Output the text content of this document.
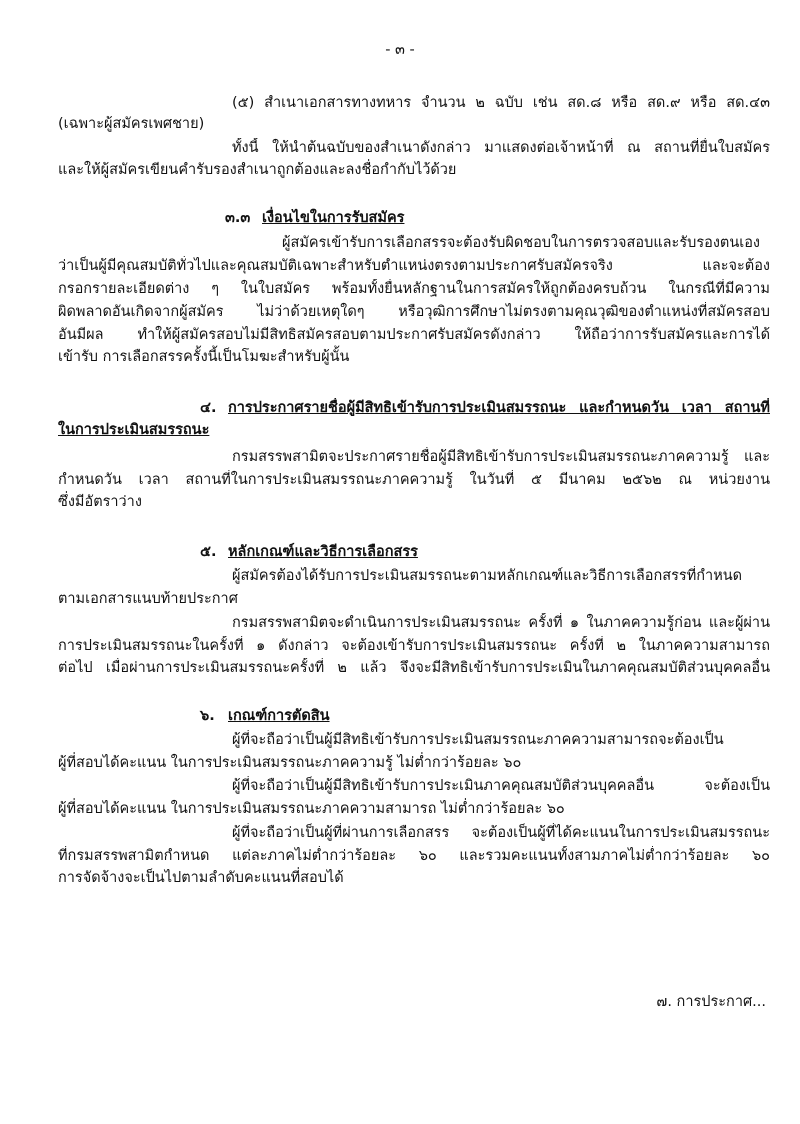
- ๓ -
(๕) สำเนาเอกสารทางทหาร จำนวน ๒ ฉบับ เช่น สด.๘ หรือ สด.๙ หรือ สด.๔๓
(เฉพาะผู้สมัครเพศชาย)
ทั้งนี้ ให้นำต้นฉบับของสำเนาดังกล่าว มาแสดงต่อเจ้าหน้าที่ ณ สถานที่ยื่นใบสมัคร
และให้ผู้สมัครเขียนคำรับรองสำเนาถูกต้องและลงชื่อกำกับไว้ด้วย
๓.๓ เงื่อนไขในการรับสมัคร
ผู้สมัครเข้ารับการเลือกสรรจะต้องรับผิดชอบในการตรวจสอบและรับรองตนเอง
ว่าเป็นผู้มีคุณสมบัติทั่วไปและคุณสมบัติเฉพาะสำหรับตำแหน่งตรงตามประกาศรับสมัครจริง และจะต้อง
กรอกรายละเอียดต่าง ๆ ในใบสมัคร พร้อมทั้งยื่นหลักฐานในการสมัครให้ถูกต้องครบถ้วน ในกรณีที่มีความ
ผิดพลาดอันเกิดจากผู้สมัคร ไม่ว่าด้วยเหตุใดๆ หรือวุฒิการศึกษาไม่ตรงตามคุณวุฒิของตำแหน่งที่สมัครสอบ
อันมีผล ทำให้ผู้สมัครสอบไม่มีสิทธิสมัครสอบตามประกาศรับสมัครดังกล่าว ให้ถือว่าการรับสมัครและการได้
เข้ารับ การเลือกสรรครั้งนี้เป็นโมฆะสำหรับผู้นั้น
๔. การประกาศรายชื่อผู้มีสิทธิเข้ารับการประเมินสมรรถนะ และกำหนดวัน เวลา สถานที่
ในการประเมินสมรรถนะ
กรมสรรพสามิตจะประกาศรายชื่อผู้มีสิทธิเข้ารับการประเมินสมรรถนะภาคความรู้ และ
กำหนดวัน เวลา สถานที่ในการประเมินสมรรถนะภาคความรู้ ในวันที่ ๕ มีนาคม ๒๕๖๒ ณ หน่วยงาน
ซึ่งมีอัตราว่าง
๕. หลักเกณฑ์และวิธีการเลือกสรร
ผู้สมัครต้องได้รับการประเมินสมรรถนะตามหลักเกณฑ์และวิธีการเลือกสรรที่กำหนด
ตามเอกสารแนบท้ายประกาศ
กรมสรรพสามิตจะดำเนินการประเมินสมรรถนะ ครั้งที่ ๑ ในภาคความรู้ก่อน และผู้ผ่าน
การประเมินสมรรถนะในครั้งที่ ๑ ดังกล่าว จะต้องเข้ารับการประเมินสมรรถนะ ครั้งที่ ๒ ในภาคความสามารถ
ต่อไป เมื่อผ่านการประเมินสมรรถนะครั้งที่ ๒ แล้ว จึงจะมีสิทธิเข้ารับการประเมินในภาคคุณสมบัติส่วนบุคคลอื่น
๖. เกณฑ์การตัดสิน
ผู้ที่จะถือว่าเป็นผู้มีสิทธิเข้ารับการประเมินสมรรถนะภาคความสามารถจะต้องเป็น
ผู้ที่สอบได้คะแนน ในการประเมินสมรรถนะภาคความรู้ ไม่ต่ำกว่าร้อยละ ๖๐
ผู้ที่จะถือว่าเป็นผู้มีสิทธิเข้ารับการประเมินภาคคุณสมบัติส่วนบุคคลอื่น จะต้องเป็น
ผู้ที่สอบได้คะแนน ในการประเมินสมรรถนะภาคความสามารถ ไม่ต่ำกว่าร้อยละ ๖๐
ผู้ที่จะถือว่าเป็นผู้ที่ผ่านการเลือกสรร จะต้องเป็นผู้ที่ได้คะแนนในการประเมินสมรรถนะ
ที่กรมสรรพสามิตกำหนด แต่ละภาคไม่ต่ำกว่าร้อยละ ๖๐ และรวมคะแนนทั้งสามภาคไม่ต่ำกว่าร้อยละ ๖๐
การจัดจ้างจะเป็นไปตามลำดับคะแนนที่สอบได้
๗. การประกาศ...
